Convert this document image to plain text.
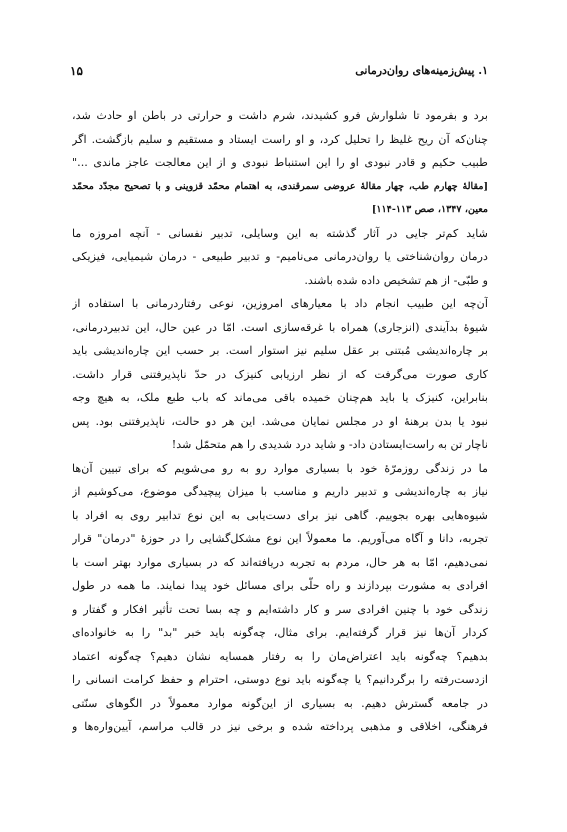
۱. پیش‌زمینه‌های روان‌درمانی
۱۵
برد و بفرمود تا شلوارش فرو کشیدند، شرم داشت و حرارتی در باطن او حادث شد،
چنان‌که آن ریح غلیظ را تحلیل کرد، و او راست ایستاد و مستقیم و سلیم بازگشت. اگر
طبیب حکیم و قادر نبودی او را این استنباط نبودی و از این معالجت عاجز ماندی ..."
[مقالهٔ چهارم طب، چهار مقالهٔ عروضی سمرقندی، به اهتمام محمّد قزوینی و با تصحیح مجدّد محمّد
معین، ۱۳۴۷، صص ۱۱۳-۱۱۴]
شاید کم‌تر جایی در آثار گذشته به این وسایلی، تدبیر نفسانی - آنچه امروزه ما
درمان روان‌شناختی یا روان‌درمانی می‌نامیم- و تدبیر طبیعی - درمان شیمیایی، فیزیکی
و طبّی- از هم تشخیص داده شده باشند.
آن‌چه این طبیب انجام داد با معیارهای امروزین، نوعی رفتاردرمانی با استفاده از
شیوهٔ بدآیندی (انزجاری) همراه با غرقه‌سازی است. امّا در عین حال، این تدبیردرمانی،
بر چاره‌اندیشی مُبتنی بر عقل سلیم نیز استوار است. بر حسب این چاره‌اندیشی باید
کاری صورت می‌گرفت که از نظر ارزیابی کنیزک در حدّ ناپذیرفتنی قرار داشت.
بنابراین، کنیزک یا باید هم‌چنان خمیده باقی می‌ماند که باب طبع ملک، به هیچ وجه
نبود یا بدن برهنهٔ او در مجلس نمایان می‌شد. این هر دو حالت، ناپذیرفتنی بود. پس
ناچار تن به راست‌ایستادن داد- و شاید درد شدیدی را هم متحمّل شد!
ما در زندگی روزمرّهٔ خود با بسیاری موارد رو به رو می‌شویم که برای تبیین آن‌ها
نیاز به چاره‌اندیشی و تدبیر داریم و مناسب با میزان پیچیدگی موضوع، می‌کوشیم از
شیوه‌هایی بهره بجوییم. گاهی نیز برای دست‌یابی به این نوع تدابیر روی به افراد با
تجربه، دانا و آگاه می‌آوریم. ما معمولاً این نوع مشکل‌گشایی را در حوزهٔ "درمان" قرار
نمی‌دهیم، امّا به هر حال، مردم به تجربه دریافته‌اند که در بسیاری موارد بهتر است با
افرادی به مشورت بپردازند و راه حلّی برای مسائل خود پیدا نمایند. ما همه در طول
زندگی خود با چنین افرادی سر و کار داشته‌ایم و چه بسا تحت تأثیر افکار و گفتار و
کردار آن‌ها نیز قرار گرفته‌ایم. برای مثال، چه‌گونه باید خبر "بد" را به خانواده‌ای
بدهیم؟ چه‌گونه باید اعتراض‌مان را به رفتار همسایه نشان دهیم؟ چه‌گونه اعتماد
ازدست‌رفته را برگردانیم؟ یا چه‌گونه باید نوع دوستی، احترام و حفظ کرامت انسانی را
در جامعه گسترش دهیم. به بسیاری از این‌گونه موارد معمولاً در الگوهای سنّتی
فرهنگی، اخلاقی و مذهبی پرداخته شده و برخی نیز در قالب مراسم، آیین‌واره‌ها و
